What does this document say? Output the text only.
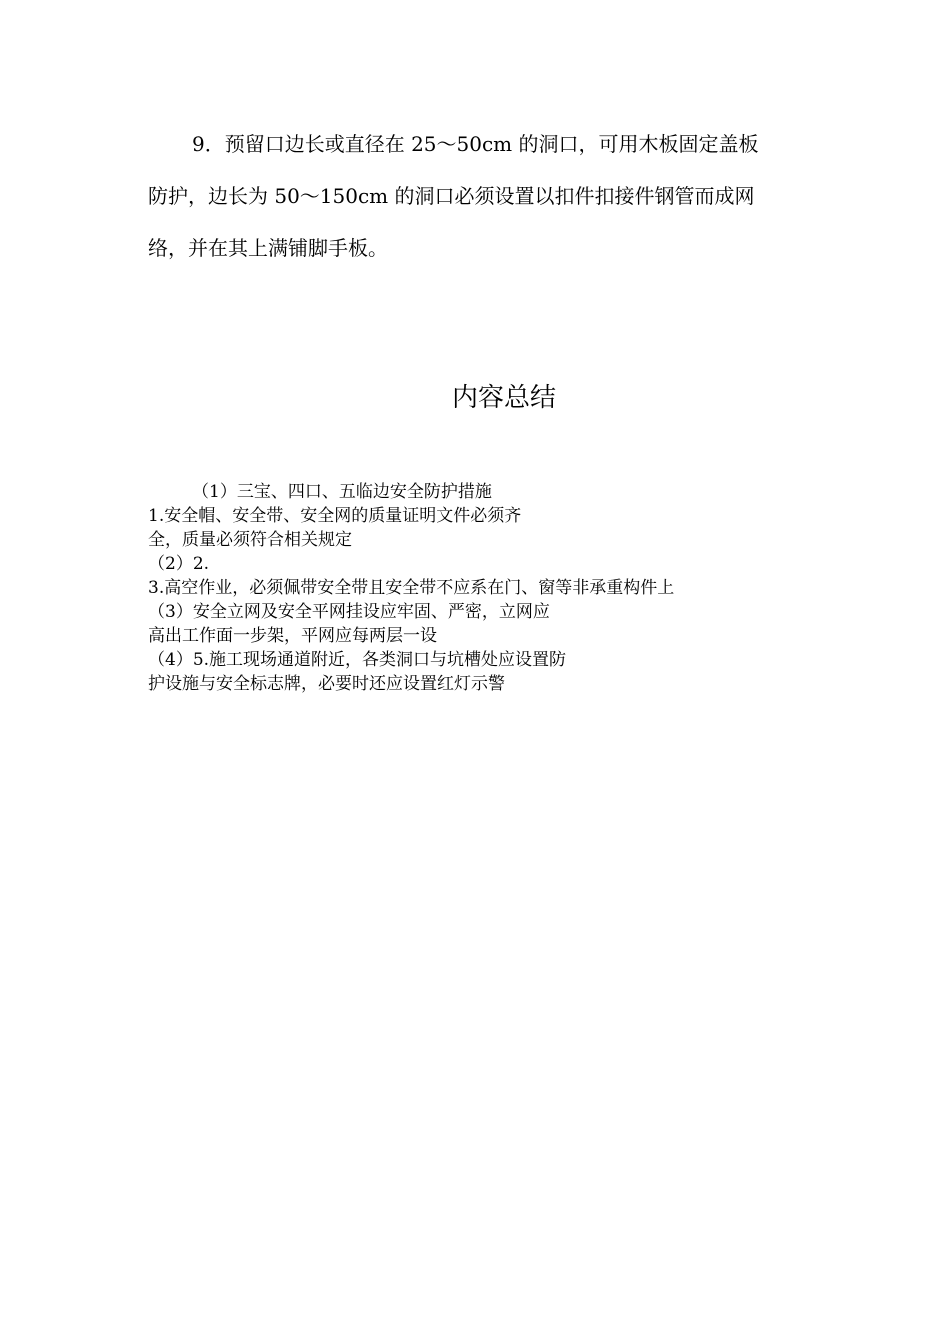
9．预留口边长或直径在 25～50cm 的洞口，可用木板固定盖板
防护，边长为 50～150cm 的洞口必须设置以扣件扣接件钢管而成网
络，并在其上满铺脚手板。

内容总结
（1）三宝、四口、五临边安全防护措施
1.安全帽、安全带、安全网的质量证明文件必须齐
全，质量必须符合相关规定
（2）2.
3.高空作业，必须佩带安全带且安全带不应系在门、窗等非承重构件上
（3）安全立网及安全平网挂设应牢固、严密，立网应
高出工作面一步架，平网应每两层一设
（4）5.施工现场通道附近，各类洞口与坑槽处应设置防
护设施与安全标志牌，必要时还应设置红灯示警
